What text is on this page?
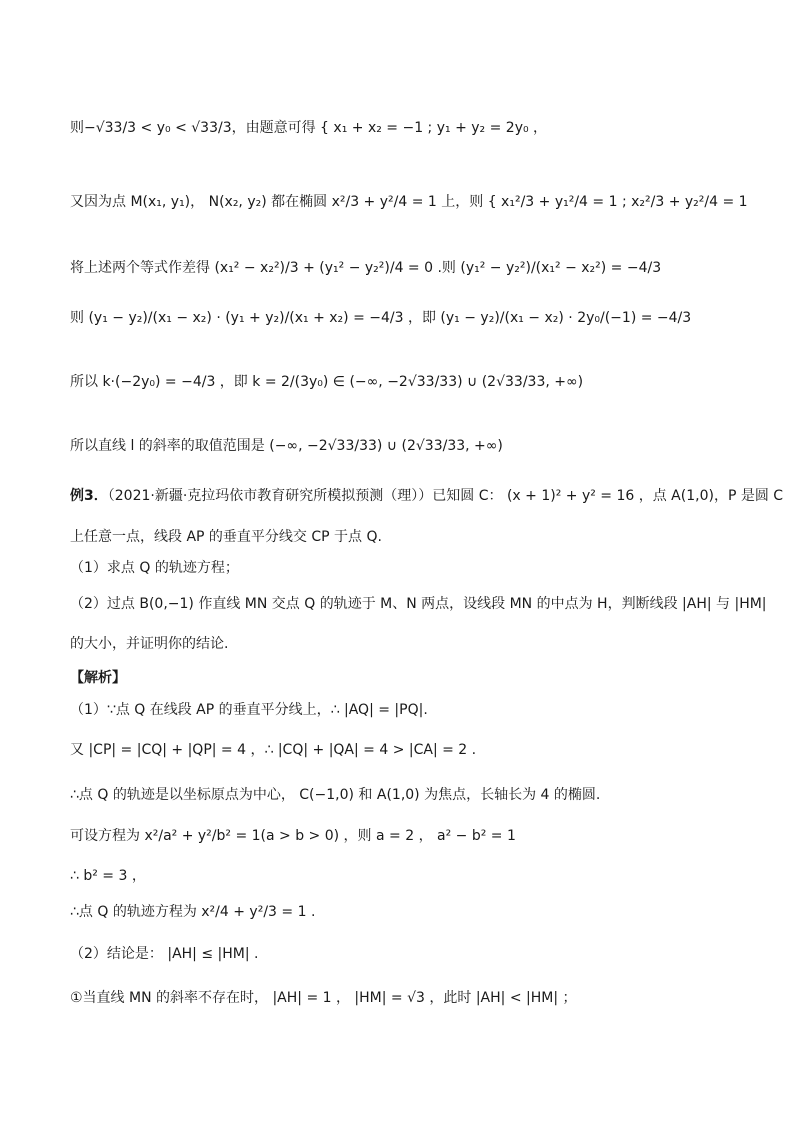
则−√33/3 < y₀ < √33/3，由题意可得 { x₁ + x₂ = −1 ; y₁ + y₂ = 2y₀ ，
又因为点 M(x₁, y₁)， N(x₂, y₂) 都在椭圆 x²/3 + y²/4 = 1 上，则 { x₁²/3 + y₁²/4 = 1 ; x₂²/3 + y₂²/4 = 1
将上述两个等式作差得 (x₁² − x₂²)/3 + (y₁² − y₂²)/4 = 0 .则 (y₁² − y₂²)/(x₁² − x₂²) = −4/3
则 (y₁ − y₂)/(x₁ − x₂) · (y₁ + y₂)/(x₁ + x₂) = −4/3 ，即 (y₁ − y₂)/(x₁ − x₂) · 2y₀/(−1) = −4/3
所以 k·(−2y₀) = −4/3 ，即 k = 2/(3y₀) ∈ (−∞, −2√33/33) ∪ (2√33/33, +∞)
所以直线 l 的斜率的取值范围是 (−∞, −2√33/33) ∪ (2√33/33, +∞)
例3．（2021·新疆·克拉玛依市教育研究所模拟预测（理））已知圆 C： (x + 1)² + y² = 16 ，点 A(1,0)，P 是圆 C
上任意一点，线段 AP 的垂直平分线交 CP 于点 Q.
（1）求点 Q 的轨迹方程；
（2）过点 B(0,−1) 作直线 MN 交点 Q 的轨迹于 M、N 两点，设线段 MN 的中点为 H，判断线段 |AH| 与 |HM|
的大小，并证明你的结论.
【解析】
（1）∵点 Q 在线段 AP 的垂直平分线上，∴ |AQ| = |PQ|.
又 |CP| = |CQ| + |QP| = 4 ，∴ |CQ| + |QA| = 4 > |CA| = 2 .
∴点 Q 的轨迹是以坐标原点为中心， C(−1,0) 和 A(1,0) 为焦点，长轴长为 4 的椭圆.
可设方程为 x²/a² + y²/b² = 1(a > b > 0) ，则 a = 2 ， a² − b² = 1
∴ b² = 3 ，
∴点 Q 的轨迹方程为 x²/4 + y²/3 = 1 .
（2）结论是： |AH| ≤ |HM| .
①当直线 MN 的斜率不存在时， |AH| = 1 ， |HM| = √3 ，此时 |AH| < |HM| ；
